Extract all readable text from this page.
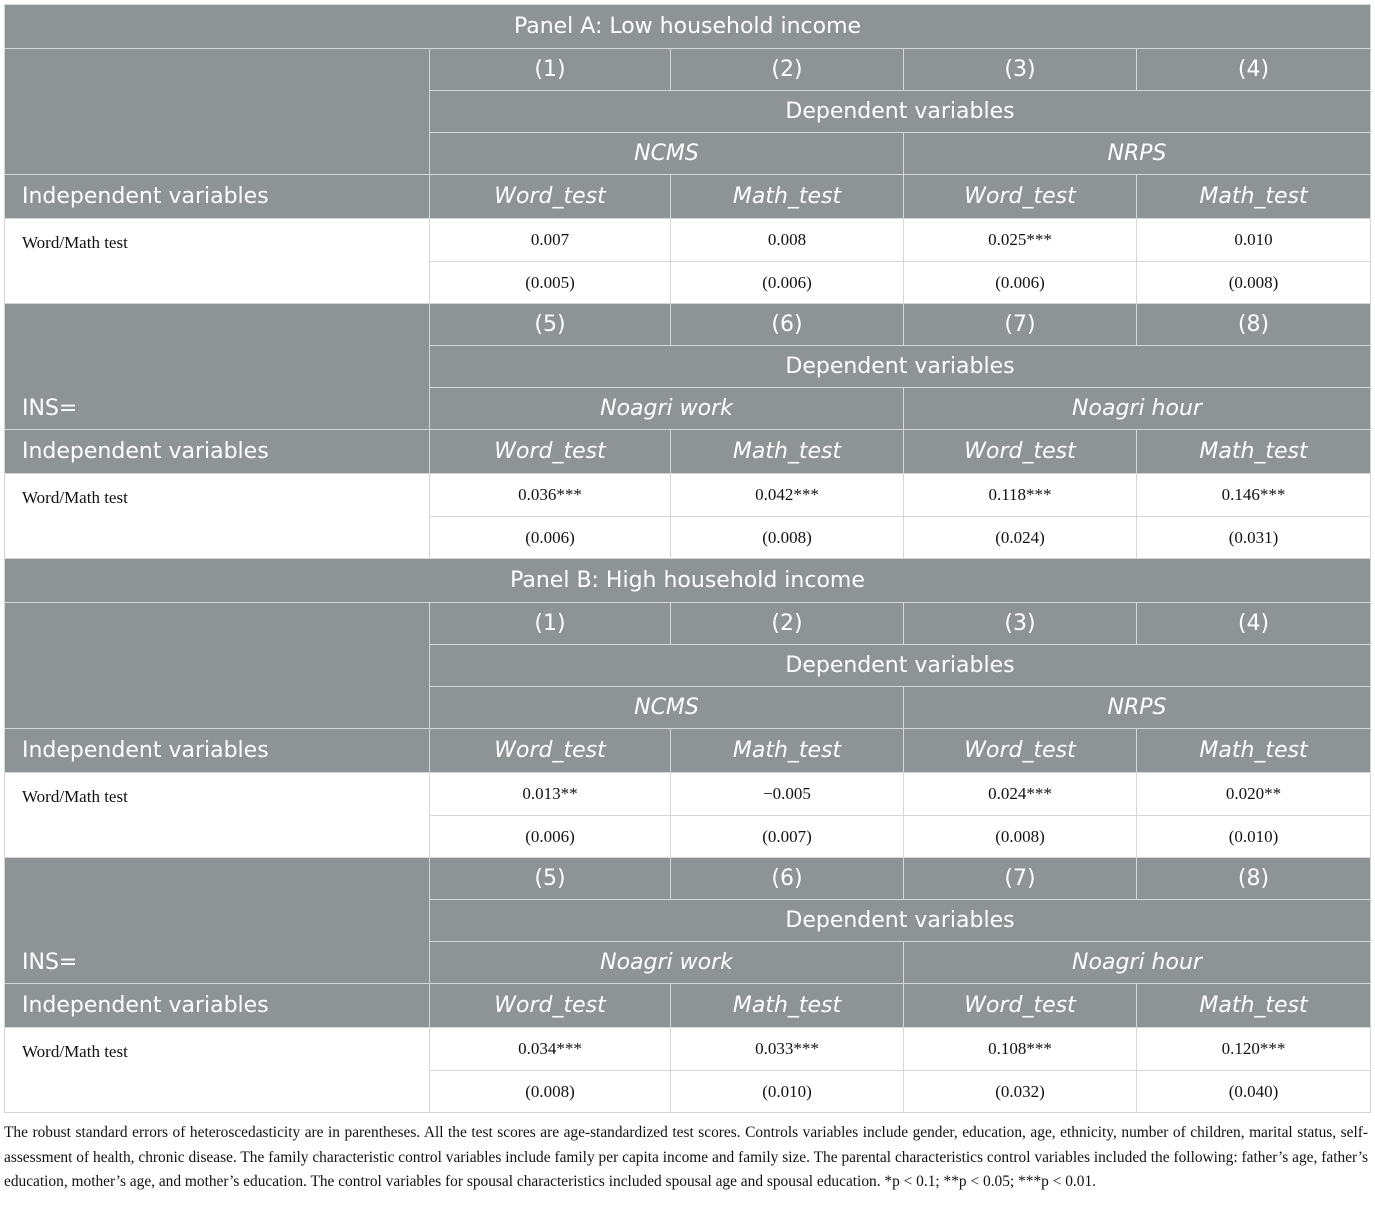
Panel A: Low household income				
	(1)	(2)	(3)	(4)
	Dependent variables			
	NCMS		NRPS	
Independent variables	Word_test	Math_test	Word_test	Math_test
Word/Math test	0.007	0.008	0.025***	0.010
	(0.005)	(0.006)	(0.006)	(0.008)
INS=	(5)	(6)	(7)	(8)
	Dependent variables			
	Noagri work		Noagri hour	
Independent variables	Word_test	Math_test	Word_test	Math_test
Word/Math test	0.036***	0.042***	0.118***	0.146***
	(0.006)	(0.008)	(0.024)	(0.031)
Panel B: High household income				
	(1)	(2)	(3)	(4)
	Dependent variables			
	NCMS		NRPS	
Independent variables	Word_test	Math_test	Word_test	Math_test
Word/Math test	0.013**	−0.005	0.024***	0.020**
	(0.006)	(0.007)	(0.008)	(0.010)
INS=	(5)	(6)	(7)	(8)
	Dependent variables			
	Noagri work		Noagri hour	
Independent variables	Word_test	Math_test	Word_test	Math_test
Word/Math test	0.034***	0.033***	0.108***	0.120***
	(0.008)	(0.010)	(0.032)	(0.040)
The robust standard errors of heteroscedasticity are in parentheses. All the test scores are age-standardized test scores. Controls variables include gender, education, age, ethnicity, number of children, marital status, self-assessment of health, chronic disease. The family characteristic control variables include family per capita income and family size. The parental characteristics control variables included the following: father’s age, father’s education, mother’s age, and mother’s education. The control variables for spousal characteristics included spousal age and spousal education. *p < 0.1; **p < 0.05; ***p < 0.01.
